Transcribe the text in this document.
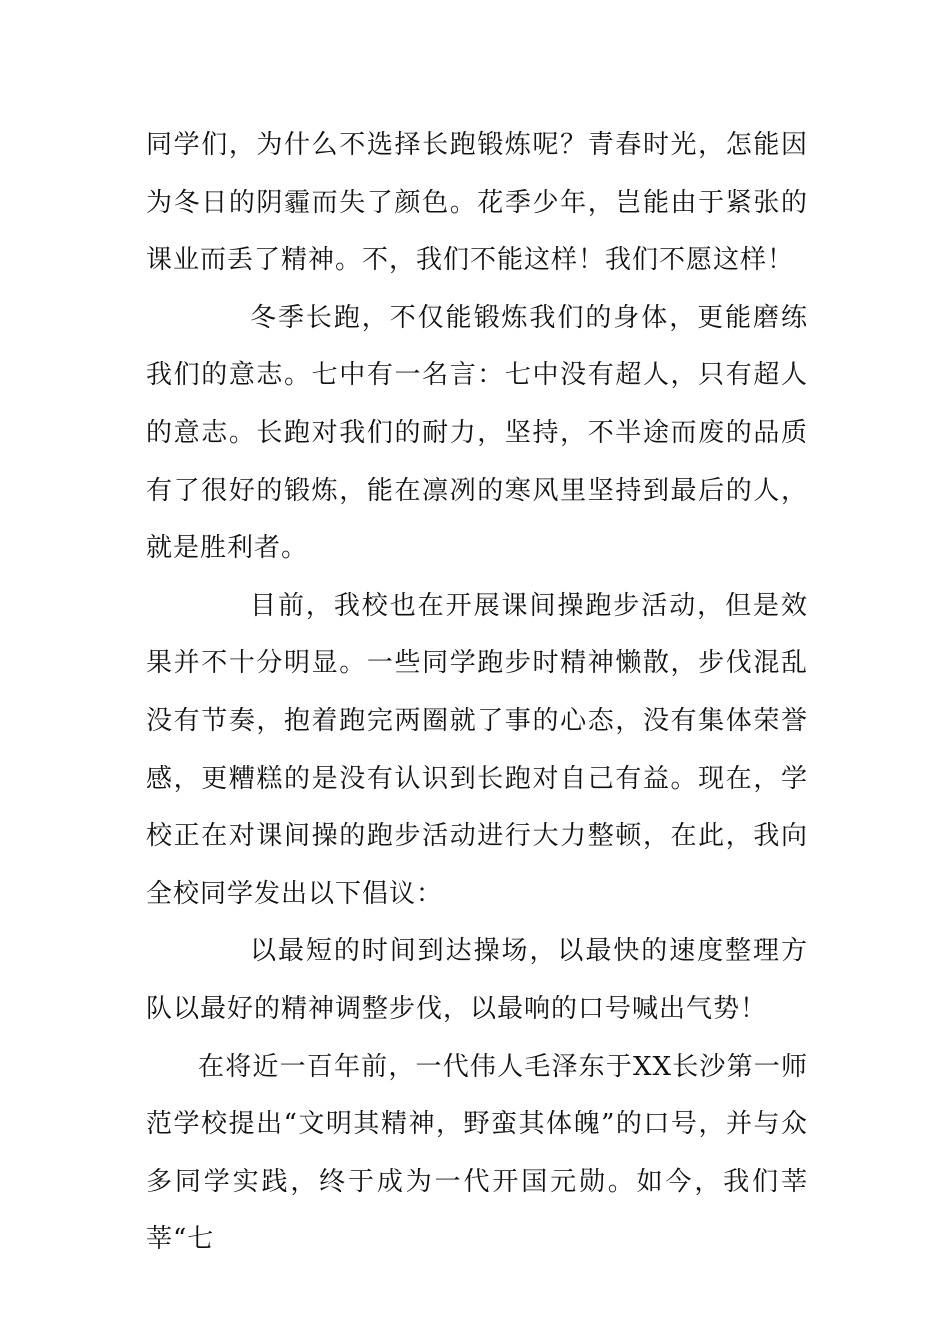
同学们，为什么不选择长跑锻炼呢？青春时光，怎能因为冬日的阴霾而失了颜色。花季少年，岂能由于紧张的课业而丢了精神。不，我们不能这样！我们不愿这样！

冬季长跑，不仅能锻炼我们的身体，更能磨练我们的意志。七中有一名言：七中没有超人，只有超人的意志。长跑对我们的耐力，坚持，不半途而废的品质有了很好的锻炼，能在凛冽的寒风里坚持到最后的人，就是胜利者。

目前，我校也在开展课间操跑步活动，但是效果并不十分明显。一些同学跑步时精神懒散，步伐混乱没有节奏，抱着跑完两圈就了事的心态，没有集体荣誉感，更糟糕的是没有认识到长跑对自己有益。现在，学校正在对课间操的跑步活动进行大力整顿，在此，我向全校同学发出以下倡议：

以最短的时间到达操场，以最快的速度整理方队以最好的精神调整步伐，以最响的口号喊出气势！

在将近一百年前，一代伟人毛泽东于XX长沙第一师范学校提出“文明其精神，野蛮其体魄”的口号，并与众多同学实践，终于成为一代开国元勋。如今，我们莘莘“七
